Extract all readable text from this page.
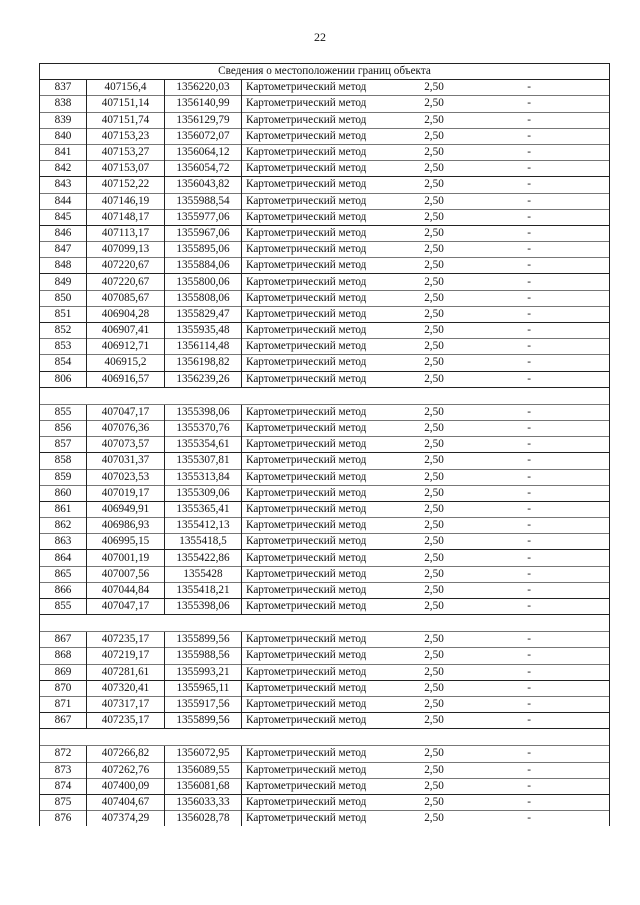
22
Сведения о местоположении границ объекта					
837	407156,4	1356220,03	Картометрический метод	2,50	-
838	407151,14	1356140,99	Картометрический метод	2,50	-
839	407151,74	1356129,79	Картометрический метод	2,50	-
840	407153,23	1356072,07	Картометрический метод	2,50	-
841	407153,27	1356064,12	Картометрический метод	2,50	-
842	407153,07	1356054,72	Картометрический метод	2,50	-
843	407152,22	1356043,82	Картометрический метод	2,50	-
844	407146,19	1355988,54	Картометрический метод	2,50	-
845	407148,17	1355977,06	Картометрический метод	2,50	-
846	407113,17	1355967,06	Картометрический метод	2,50	-
847	407099,13	1355895,06	Картометрический метод	2,50	-
848	407220,67	1355884,06	Картометрический метод	2,50	-
849	407220,67	1355800,06	Картометрический метод	2,50	-
850	407085,67	1355808,06	Картометрический метод	2,50	-
851	406904,28	1355829,47	Картометрический метод	2,50	-
852	406907,41	1355935,48	Картометрический метод	2,50	-
853	406912,71	1356114,48	Картометрический метод	2,50	-
854	406915,2	1356198,82	Картометрический метод	2,50	-
806	406916,57	1356239,26	Картометрический метод	2,50	-

855	407047,17	1355398,06	Картометрический метод	2,50	-
856	407076,36	1355370,76	Картометрический метод	2,50	-
857	407073,57	1355354,61	Картометрический метод	2,50	-
858	407031,37	1355307,81	Картометрический метод	2,50	-
859	407023,53	1355313,84	Картометрический метод	2,50	-
860	407019,17	1355309,06	Картометрический метод	2,50	-
861	406949,91	1355365,41	Картометрический метод	2,50	-
862	406986,93	1355412,13	Картометрический метод	2,50	-
863	406995,15	1355418,5	Картометрический метод	2,50	-
864	407001,19	1355422,86	Картометрический метод	2,50	-
865	407007,56	1355428	Картометрический метод	2,50	-
866	407044,84	1355418,21	Картометрический метод	2,50	-
855	407047,17	1355398,06	Картометрический метод	2,50	-

867	407235,17	1355899,56	Картометрический метод	2,50	-
868	407219,17	1355988,56	Картометрический метод	2,50	-
869	407281,61	1355993,21	Картометрический метод	2,50	-
870	407320,41	1355965,11	Картометрический метод	2,50	-
871	407317,17	1355917,56	Картометрический метод	2,50	-
867	407235,17	1355899,56	Картометрический метод	2,50	-

872	407266,82	1356072,95	Картометрический метод	2,50	-
873	407262,76	1356089,55	Картометрический метод	2,50	-
874	407400,09	1356081,68	Картометрический метод	2,50	-
875	407404,67	1356033,33	Картометрический метод	2,50	-
876	407374,29	1356028,78	Картометрический метод	2,50	-
